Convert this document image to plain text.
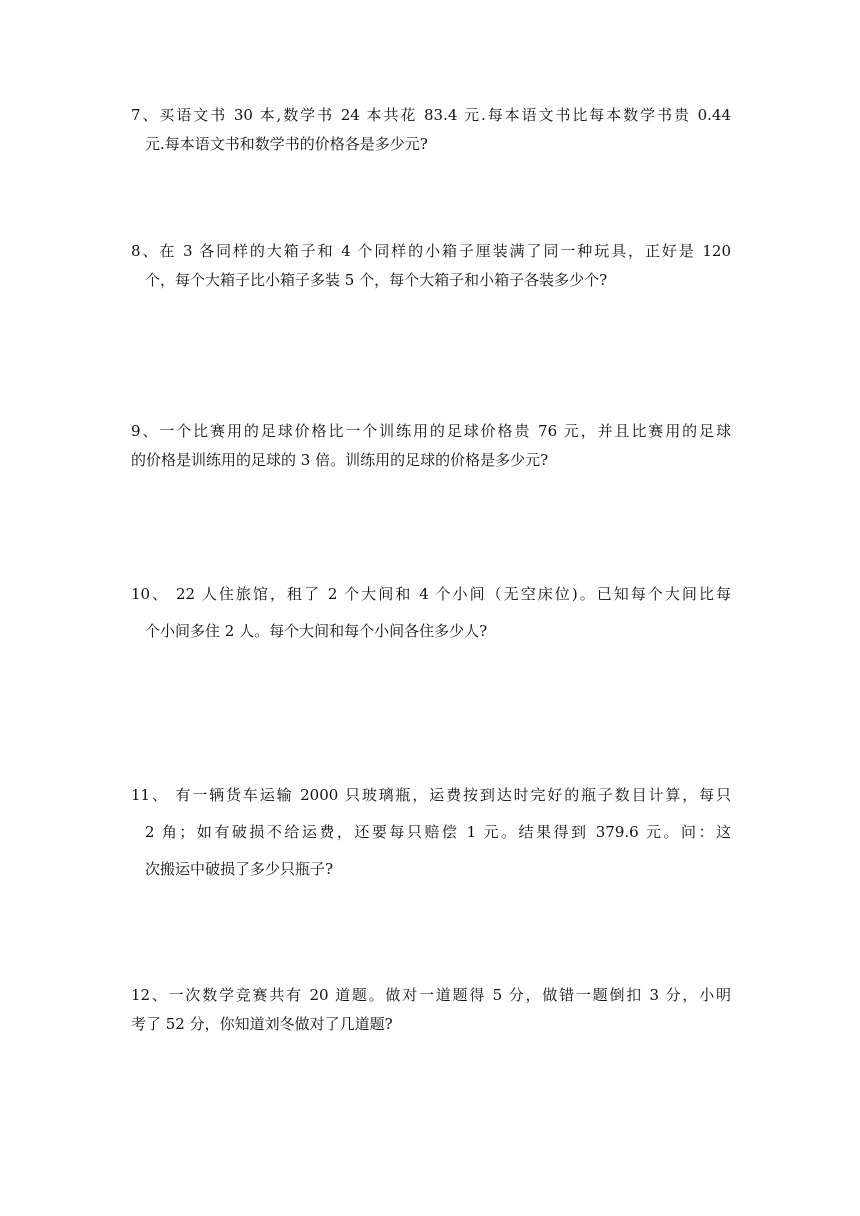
7、买语文书 30 本,数学书 24 本共花 83.4 元.每本语文书比每本数学书贵 0.44
元.每本语文书和数学书的价格各是多少元?
8、在 3 各同样的大箱子和 4 个同样的小箱子厘装满了同一种玩具，正好是 120
个，每个大箱子比小箱子多装 5 个，每个大箱子和小箱子各装多少个?
9、一个比赛用的足球价格比一个训练用的足球价格贵 76 元，并且比赛用的足球
的价格是训练用的足球的 3 倍。训练用的足球的价格是多少元?
10、 22 人住旅馆，租了 2 个大间和 4 个小间（无空床位)。已知每个大间比每
个小间多住 2 人。每个大间和每个小间各住多少人?
11、 有一辆货车运输 2000 只玻璃瓶，运费按到达时完好的瓶子数目计算，每只
2 角；如有破损不给运费，还要每只赔偿 1 元。结果得到 379.6 元。问：这
次搬运中破损了多少只瓶子?
12、一次数学竞赛共有 20 道题。做对一道题得 5 分，做错一题倒扣 3 分，小明
考了 52 分，你知道刘冬做对了几道题?
